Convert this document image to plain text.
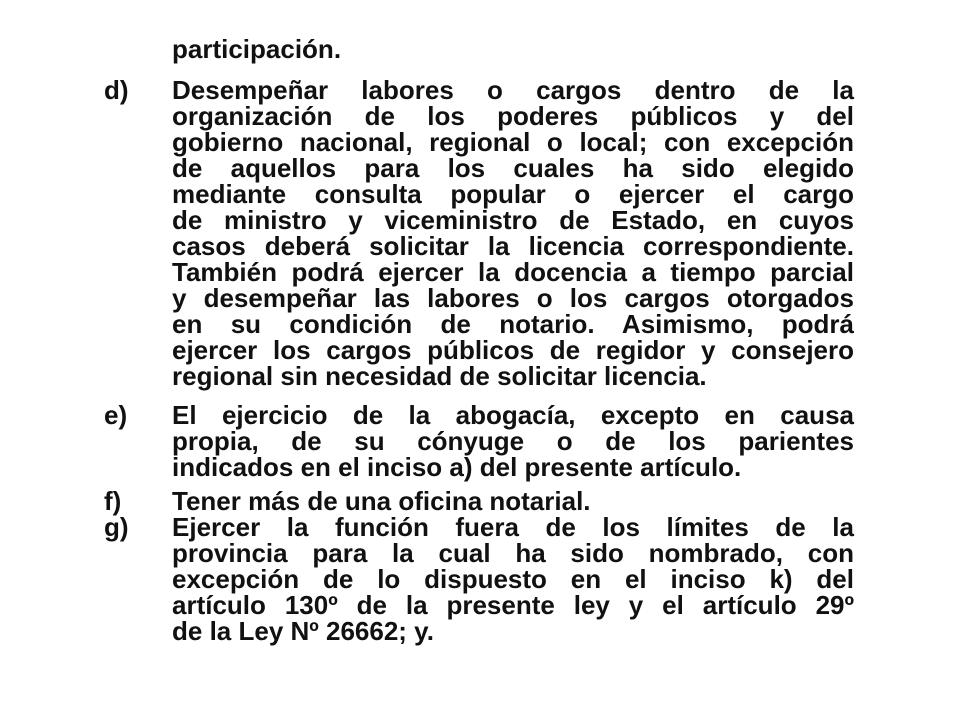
participación.
d) Desempeñar labores o cargos dentro de la
organización de los poderes públicos y del
gobierno nacional, regional o local; con excepción
de aquellos para los cuales ha sido elegido
mediante consulta popular o ejercer el cargo
de ministro y viceministro de Estado, en cuyos
casos deberá solicitar la licencia correspondiente.
También podrá ejercer la docencia a tiempo parcial
y desempeñar las labores o los cargos otorgados
en su condición de notario. Asimismo, podrá
ejercer los cargos públicos de regidor y consejero
regional sin necesidad de solicitar licencia.
e) El ejercicio de la abogacía, excepto en causa
propia, de su cónyuge o de los parientes
indicados en el inciso a) del presente artículo.
f) Tener más de una oficina notarial.
g) Ejercer la función fuera de los límites de la
provincia para la cual ha sido nombrado, con
excepción de lo dispuesto en el inciso k) del
artículo 130º de la presente ley y el artículo 29º
de la Ley Nº 26662; y.
